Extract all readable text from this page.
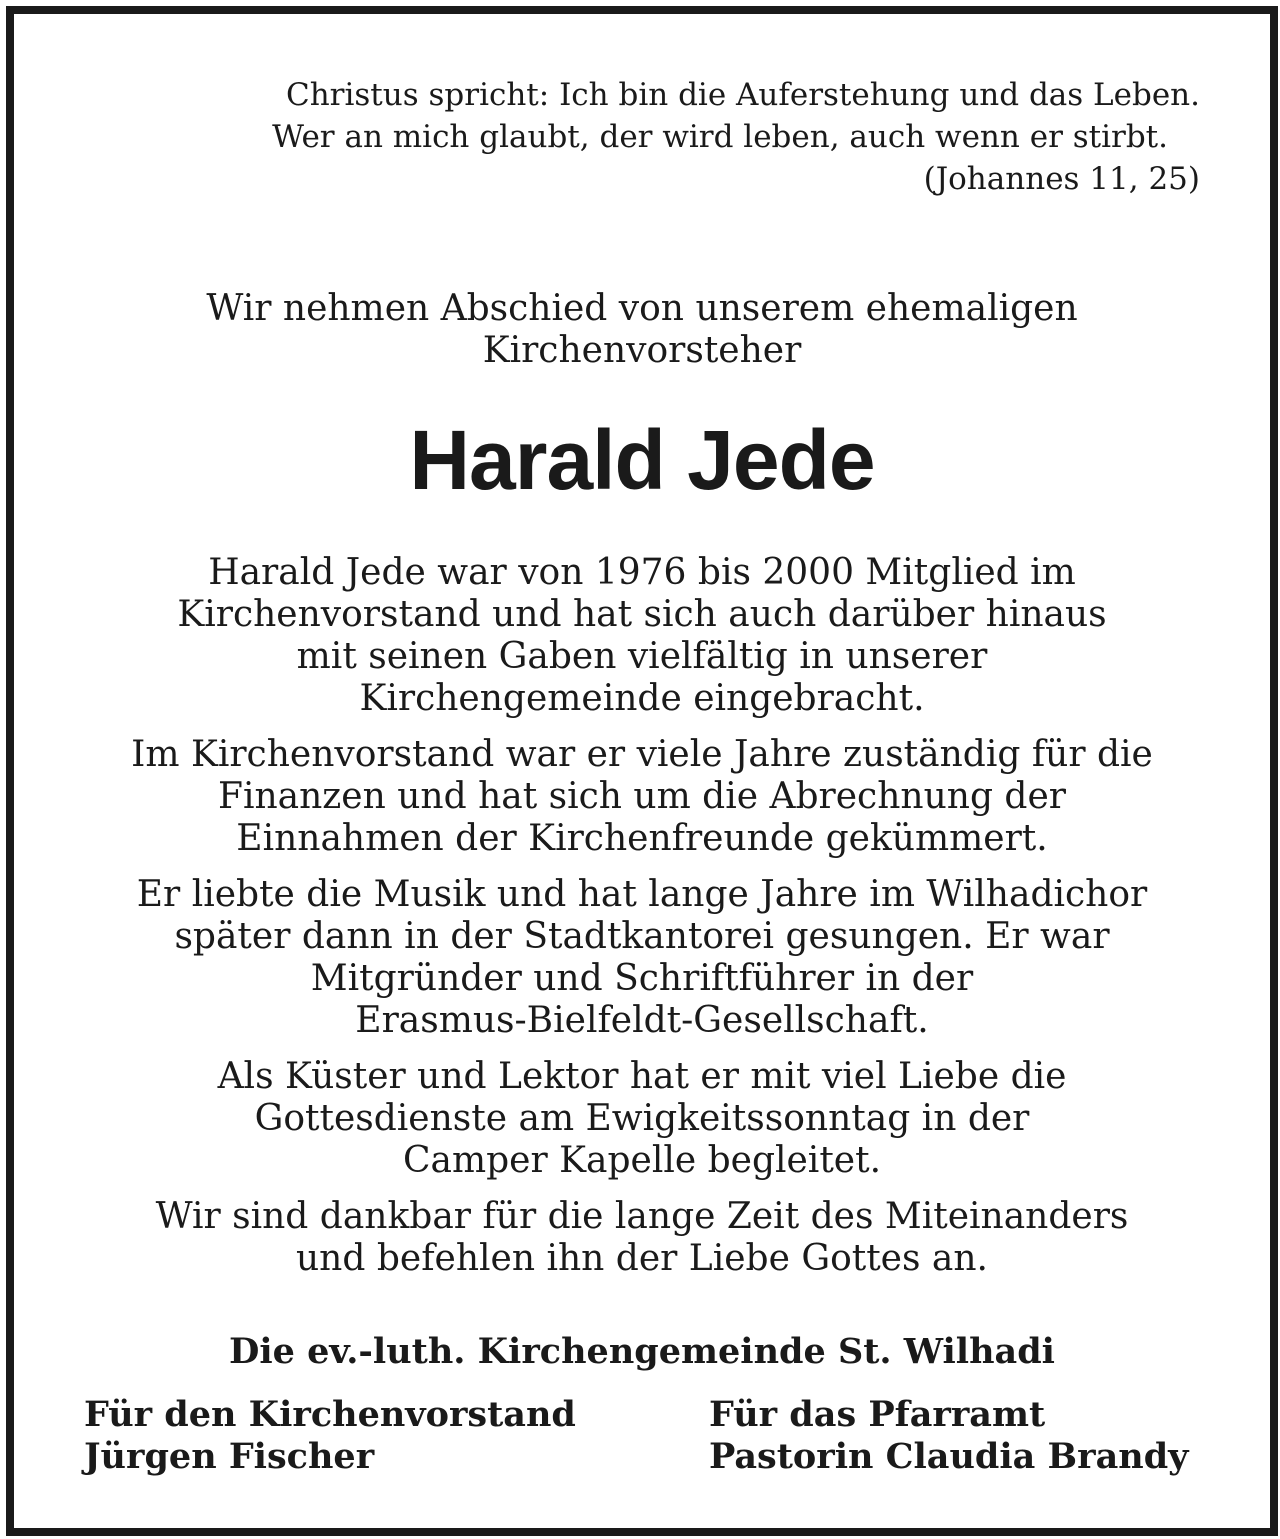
Christus spricht: Ich bin die Auferstehung und das Leben.
Wer an mich glaubt, der wird leben, auch wenn er stirbt.
(Johannes 11, 25)
Wir nehmen Abschied von unserem ehemaligen
Kirchenvorsteher
Harald Jede
Harald Jede war von 1976 bis 2000 Mitglied im
Kirchenvorstand und hat sich auch darüber hinaus
mit seinen Gaben vielfältig in unserer
Kirchengemeinde eingebracht.
Im Kirchenvorstand war er viele Jahre zuständig für die
Finanzen und hat sich um die Abrechnung der
Einnahmen der Kirchenfreunde gekümmert.
Er liebte die Musik und hat lange Jahre im Wilhadichor
später dann in der Stadtkantorei gesungen. Er war
Mitgründer und Schriftführer in der
Erasmus-Bielfeldt-Gesellschaft.
Als Küster und Lektor hat er mit viel Liebe die
Gottesdienste am Ewigkeitssonntag in der
Camper Kapelle begleitet.
Wir sind dankbar für die lange Zeit des Miteinanders
und befehlen ihn der Liebe Gottes an.
Die ev.-luth. Kirchengemeinde St. Wilhadi
Für den Kirchenvorstand
Jürgen Fischer
Für das Pfarramt
Pastorin Claudia Brandy
